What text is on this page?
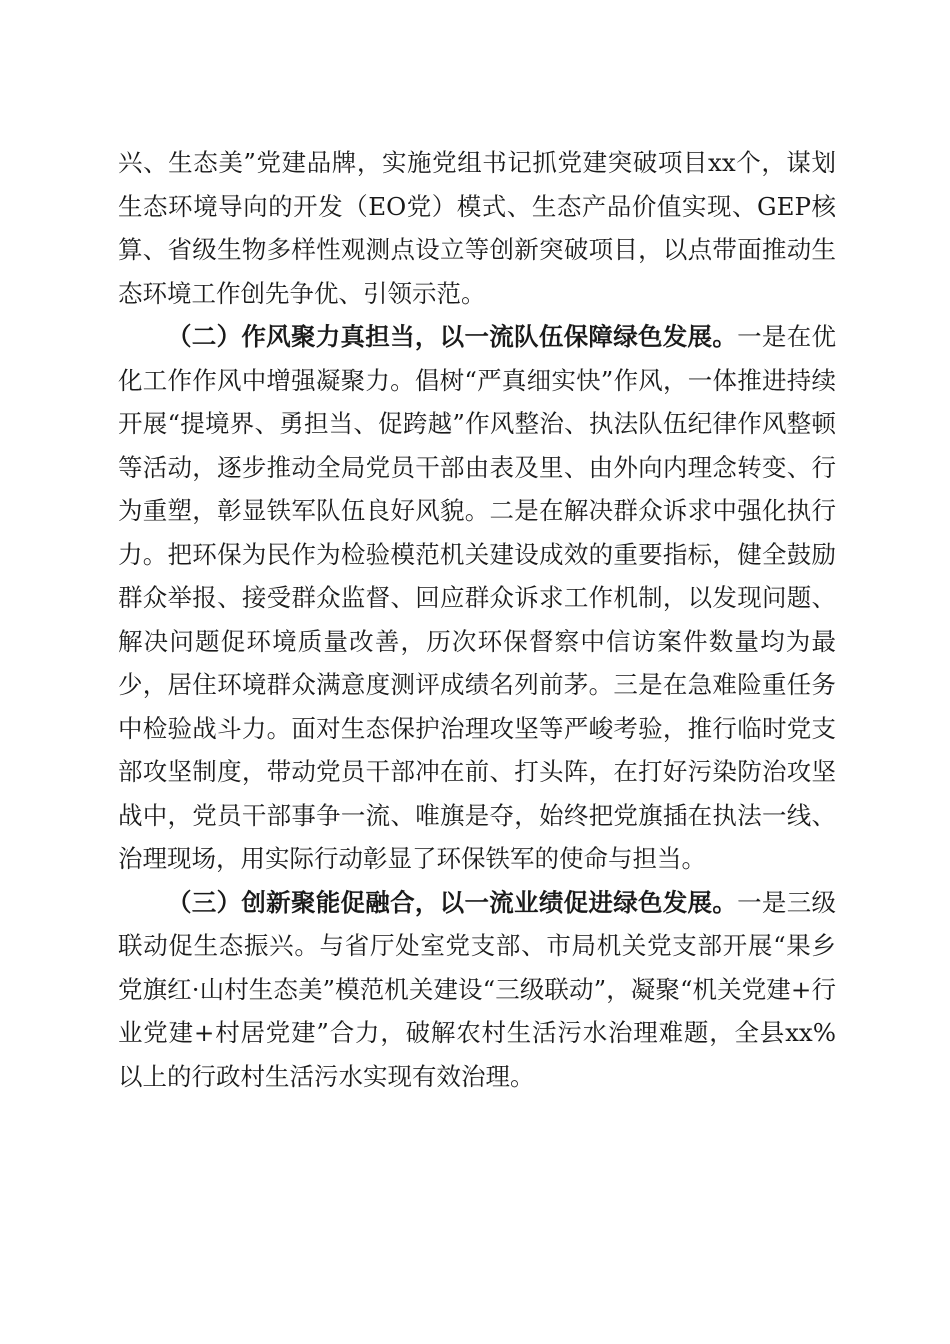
兴、生态美”党建品牌，实施党组书记抓党建突破项目xx个，谋划生态环境导向的开发（EO党）模式、生态产品价值实现、GEP核算、省级生物多样性观测点设立等创新突破项目，以点带面推动生态环境工作创先争优、引领示范。

（二）作风聚力真担当，以一流队伍保障绿色发展。一是在优化工作作风中增强凝聚力。倡树“严真细实快”作风，一体推进持续开展“提境界、勇担当、促跨越”作风整治、执法队伍纪律作风整顿等活动，逐步推动全局党员干部由表及里、由外向内理念转变、行为重塑，彰显铁军队伍良好风貌。二是在解决群众诉求中强化执行力。把环保为民作为检验模范机关建设成效的重要指标，健全鼓励群众举报、接受群众监督、回应群众诉求工作机制，以发现问题、解决问题促环境质量改善，历次环保督察中信访案件数量均为最少，居住环境群众满意度测评成绩名列前茅。三是在急难险重任务中检验战斗力。面对生态保护治理攻坚等严峻考验，推行临时党支部攻坚制度，带动党员干部冲在前、打头阵，在打好污染防治攻坚战中，党员干部事争一流、唯旗是夺，始终把党旗插在执法一线、治理现场，用实际行动彰显了环保铁军的使命与担当。

（三）创新聚能促融合，以一流业绩促进绿色发展。一是三级联动促生态振兴。与省厅处室党支部、市局机关党支部开展“果乡党旗红·山村生态美”模范机关建设“三级联动”，凝聚“机关党建+行业党建+村居党建”合力，破解农村生活污水治理难题，全县xx%以上的行政村生活污水实现有效治理。
